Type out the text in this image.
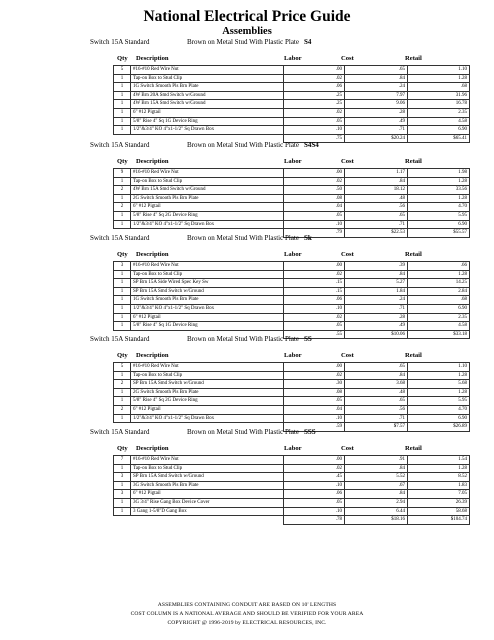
National Electrical Price Guide
Assemblies
Switch 15A Standard	Brown on Metal Stud With Plastic Plate S4
Qty Description	Labor	Cost	Retail
5	#16-#10 Red Wire Nut	.00	.65	1.10
1	Tap-on Box to Stud Clip	.02	.84	1.28
1	1G Switch Smooth Pls Brn Plate	.06	.24	.68
1	4W Brn 20A Smd Switch w/Ground	.25	7.97	31.96
1	4W Brn 15A Smd Switch w/Ground	.25	9.06	16.78
1	6" #12 Pigtail	.02	.28	2.35
1	5/8" Rise 4" Sq 1G Device Ring	.05	.49	4.58
1	1/2"&3/4" KO 4"x1-1/2" Sq Drawn Box	.10	.71	6.90
		.75	$20.24	$65.41
Switch 15A Standard	Brown on Metal Stud With Plastic Plate S4S4
Qty Description	Labor	Cost	Retail
9	#16-#10 Red Wire Nut	.00	1.17	1.98
1	Tap-on Box to Stud Clip	.02	.84	1.28
2	4W Brn 15A Smd Switch w/Ground	.50	18.12	33.56
1	2G Switch Smooth Pls Brn Plate	.08	.48	1.28
2	6" #12 Pigtail	.04	.56	4.70
1	5/8" Rise 4" Sq 2G Device Ring	.05	.65	5.95
1	1/2"&3/4" KO 4"x1-1/2" Sq Drawn Box	.10	.71	6.90
		.79	$22.53	$55.57
Switch 15A Standard	Brown on Metal Stud With Plastic Plate Sk
Qty Description	Labor	Cost	Retail
3	#16-#10 Red Wire Nut	.00	.39	.66
1	Tap-on Box to Stud Clip	.02	.84	1.28
1	SP Brn 15A Side Wired Spec Key Sw	.15	5.27	14.25
1	SP Brn 15A Smd Switch w/Ground	.15	1.84	2.84
1	1G Switch Smooth Pls Brn Plate	.06	.24	.68
1	1/2"&3/4" KO 4"x1-1/2" Sq Drawn Box	.10	.71	6.90
1	6" #12 Pigtail	.02	.28	2.35
1	5/8" Rise 4" Sq 1G Device Ring	.05	.49	4.58
		.55	$10.06	$33.18
Switch 15A Standard	Brown on Metal Stud With Plastic Plate SS
Qty Description	Labor	Cost	Retail
5	#16-#10 Red Wire Nut	.00	.65	1.10
1	Tap-on Box to Stud Clip	.02	.84	1.28
2	SP Brn 15A Smd Switch w/Ground	.30	3.68	5.68
1	2G Switch Smooth Pls Brn Plate	.08	.48	1.28
1	5/8" Rise 4" Sq 2G Device Ring	.05	.65	5.95
2	6" #12 Pigtail	.04	.56	4.70
1	1/2"&3/4" KO 4"x1-1/2" Sq Drawn Box	.10	.71	6.90
		.59	$7.57	$26.89
Switch 15A Standard	Brown on Metal Stud With Plastic Plate SSS
Qty Description	Labor	Cost	Retail
7	#16-#10 Red Wire Nut	.00	.91	1.54
1	Tap-on Box to Stud Clip	.02	.84	1.28
3	SP Brn 15A Smd Switch w/Ground	.45	5.52	8.52
1	3G Switch Smooth Pls Brn Plate	.10	.67	1.83
3	6" #12 Pigtail	.06	.84	7.05
1	3G 3/4" Rise Gang Box Device Cover	.05	2.94	26.39
1	3 Gang 1-5/8"D Gang Box	.10	6.44	58.68
		.78	$18.16	$104.74
ASSEMBLIES CONTAINING CONDUIT ARE BASED ON 10' LENGTHS
COST COLUMN IS A NATIONAL AVERAGE AND SHOULD BE VERIFIED FOR YOUR AREA
COPYRIGHT @ 1996-2019 by ELECTRICAL RESOURCES, INC.
